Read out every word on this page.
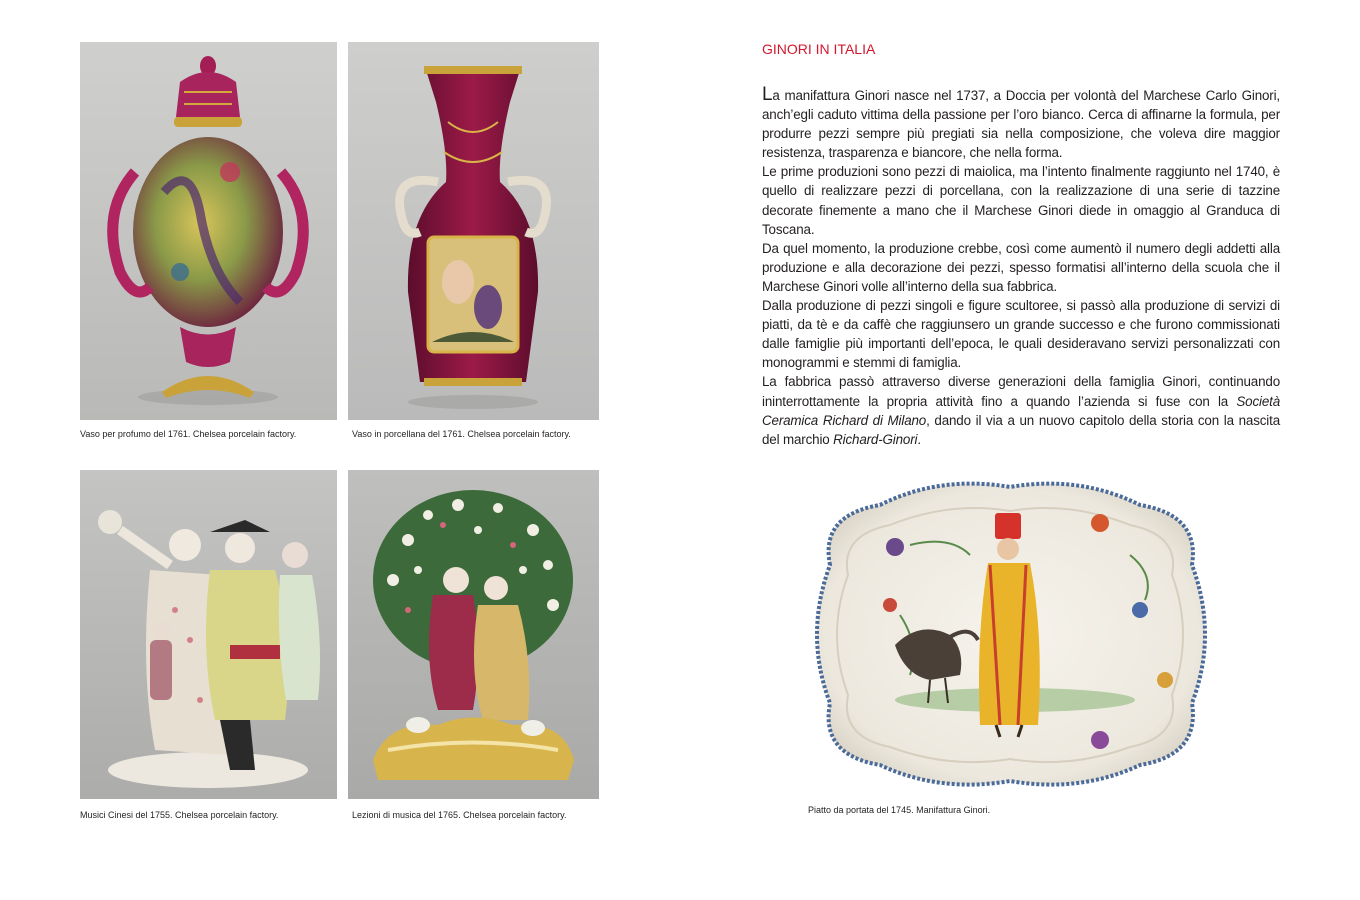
Vaso per profumo del 1761. Chelsea porcelain factory.	Vaso in porcellana del 1761. Chelsea porcelain factory.
Musici Cinesi del 1755. Chelsea porcelain factory.	Lezioni di musica del 1765. Chelsea porcelain factory.
GINORI IN ITALIA

La manifattura Ginori nasce nel 1737, a Doccia per volontà del Marchese Carlo Ginori, anch’egli caduto vittima della passione per l’oro bianco. Cerca di affinarne la formula, per produrre pezzi sempre più pregiati sia nella composizione, che voleva dire maggior resistenza, trasparenza e biancore, che nella forma.

Le prime produzioni sono pezzi di maiolica, ma l’intento finalmente raggiunto nel 1740, è quello di realizzare pezzi di porcellana, con la realizzazione di una serie di tazzine decorate finemente a mano che il Marchese Ginori diede in omaggio al Granduca di Toscana.

Da quel momento, la produzione crebbe, così come aumentò il numero degli addetti alla produzione e alla decorazione dei pezzi, spesso formatisi all’interno della scuola che il Marchese Ginori volle all’interno della sua fabbrica.

Dalla produzione di pezzi singoli e figure scultoree, si passò alla produzione di servizi di piatti, da tè e da caffè che raggiunsero un grande successo e che furono commissionati dalle famiglie più importanti dell’epoca, le quali desideravano servizi personalizzati con monogrammi e stemmi di famiglia.

La fabbrica passò attraverso diverse generazioni della famiglia Ginori, continuando ininterrottamente la propria attività fino a quando l’azienda si fuse con la Società Ceramica Richard di Milano, dando il via a un nuovo capitolo della storia con la nascita del marchio Richard-Ginori.

Piatto da portata del 1745. Manifattura Ginori.
